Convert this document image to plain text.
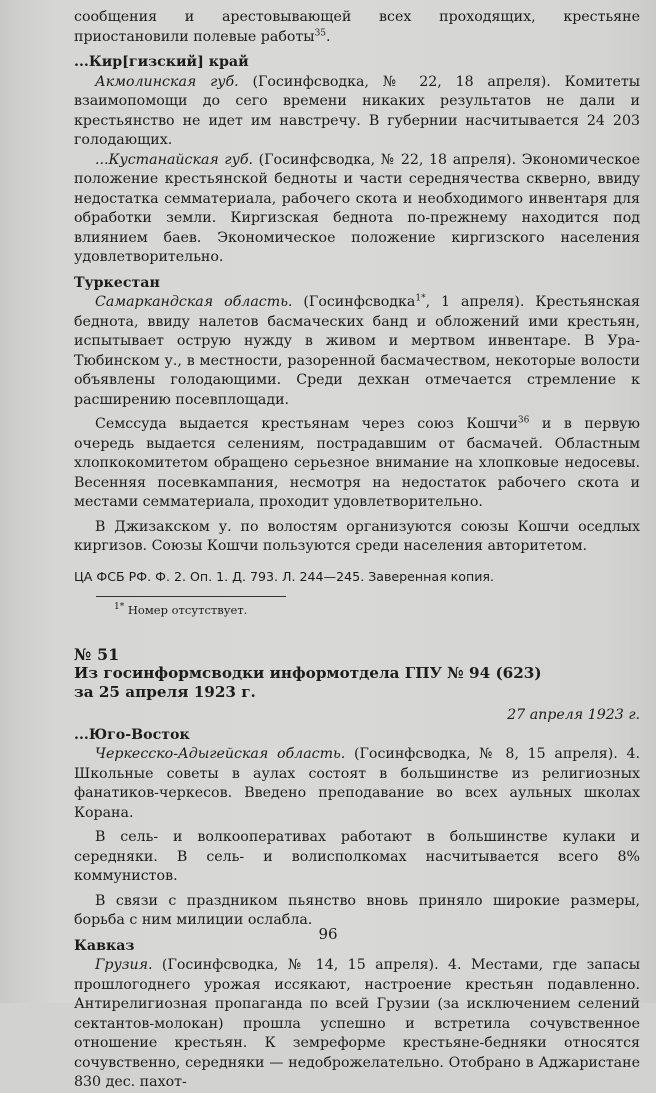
сообщения и арестовывающей всех проходящих, крестьяне приостановили полевые работы$^{35}$.

...Кир[гизский] край

Акмолинская губ. (Госинфсводка, № 22, 18 апреля). Комитеты взаимопомощи до сего времени никаких результатов не дали и крестьянство не идет им навстречу. В губернии насчитывается 24 203 голодающих.

...Кустанайская губ. (Госинфсводка, № 22, 18 апреля). Экономическое положение крестьянской бедноты и части середнячества скверно, ввиду недостатка семматериала, рабочего скота и необходимого инвентаря для обработки земли. Киргизская беднота по-прежнему находится под влиянием баев. Экономическое положение киргизского населения удовлетворительно.

Туркестан

Самаркандская область. (Госинфсводка$^{1*}$, 1 апреля). Крестьянская беднота, ввиду налетов басмаческих банд и обложений ими крестьян, испытывает острую нужду в живом и мертвом инвентаре. В Ура-Тюбинском у., в местности, разоренной басмачеством, некоторые волости объявлены голодающими. Среди дехкан отмечается стремление к расширению посевплощади.

Семссуда выдается крестьянам через союз Кошчи$^{36}$ и в первую очередь выдается селениям, пострадавшим от басмачей. Областным хлопкокомитетом обращено серьезное внимание на хлопковые недосевы. Весенняя посевкампания, несмотря на недостаток рабочего скота и местами семматериала, проходит удовлетворительно.

В Джизакском у. по волостям организуются союзы Кошчи оседлых киргизов. Союзы Кошчи пользуются среди населения авторитетом.

ЦА ФСБ РФ. Ф. 2. Оп. 1. Д. 793. Л. 244—245. Заверенная копия.

$^{1*}$ Номер отсутствует.

№ 51

Из госинформсводки информотдела ГПУ № 94 (623)
за 25 апреля 1923 г.

27 апреля 1923 г.

...Юго-Восток

Черкесско-Адыгейская область. (Госинфсводка, № 8, 15 апреля). 4. Школьные советы в аулах состоят в большинстве из религиозных фанатиков-черкесов. Введено преподавание во всех аульных школах Корана.

В сель- и волкооперативах работают в большинстве кулаки и середняки. В сель- и волисполкомах насчитывается всего 8% коммунистов.

В связи с праздником пьянство вновь приняло широкие размеры, борьба с ним милиции ослабла.

Кавказ

Грузия. (Госинфсводка, № 14, 15 апреля). 4. Местами, где запасы прошлогоднего урожая иссякают, настроение крестьян подавленно. Антирелигиозная пропаганда по всей Грузии (за исключением селений сектантов-молокан) прошла успешно и встретила сочувственное отношение крестьян. К земреформе крестьяне-бедняки относятся сочувственно, середняки — недоброжелательно. Отобрано в Аджаристане 830 дес. пахот-

96
